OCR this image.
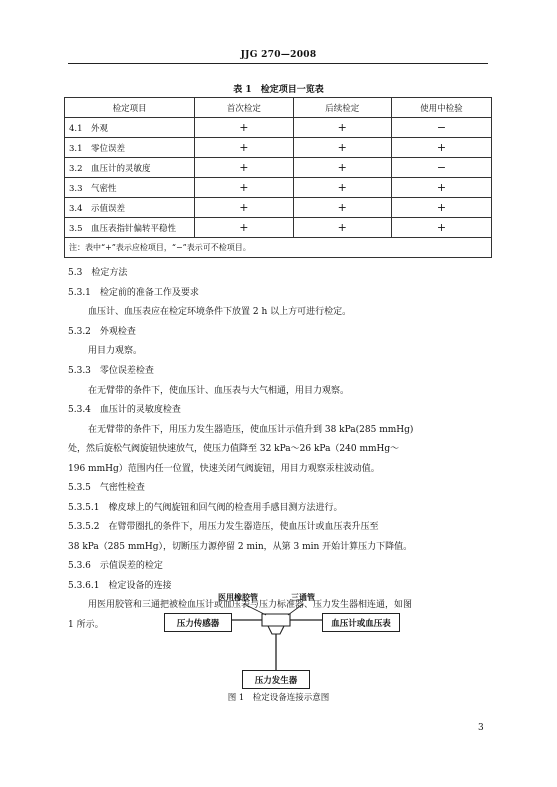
JJG 270—2008
表 1　检定项目一览表
检定项目	首次检定	后续检定	使用中检验
4.1　外观	+	+	−
3.1　零位误差	+	+	+
3.2　血压计的灵敏度	+	+	−
3.3　气密性	+	+	+
3.4　示值误差	+	+	+
3.5　血压表指针偏转平稳性	+	+	+
注：表中“+”表示应检项目，“−”表示可不检项目。			
5.3　检定方法
5.3.1　检定前的准备工作及要求
血压计、血压表应在检定环境条件下放置 2 h 以上方可进行检定。
5.3.2　外观检查
用目力观察。
5.3.3　零位误差检查
在无臂带的条件下，使血压计、血压表与大气相通，用目力观察。
5.3.4　血压计的灵敏度检查
在无臂带的条件下，用压力发生器造压，使血压计示值升到 38 kPa(285 mmHg)
处，然后旋松气阀旋钮快速放气，使压力值降至 32 kPa～26 kPa（240 mmHg～
196 mmHg）范围内任一位置，快速关闭气阀旋钮，用目力观察汞柱波动值。
5.3.5　气密性检查
5.3.5.1　橡皮球上的气阀旋钮和回气阀的检查用手感目测方法进行。
5.3.5.2　在臂带圈扎的条件下，用压力发生器造压，使血压计或血压表升压至
38 kPa（285 mmHg），切断压力源停留 2 min，从第 3 min 开始计算压力下降值。
5.3.6　示值误差的检定
5.3.6.1　检定设备的连接
用医用胶管和三通把被检血压计或血压表与压力标准器、压力发生器相连通，如图
1 所示。
医用橡胶管	三通管
压力传感器	血压计或血压表
压力发生器
图 1　检定设备连接示意图
3
